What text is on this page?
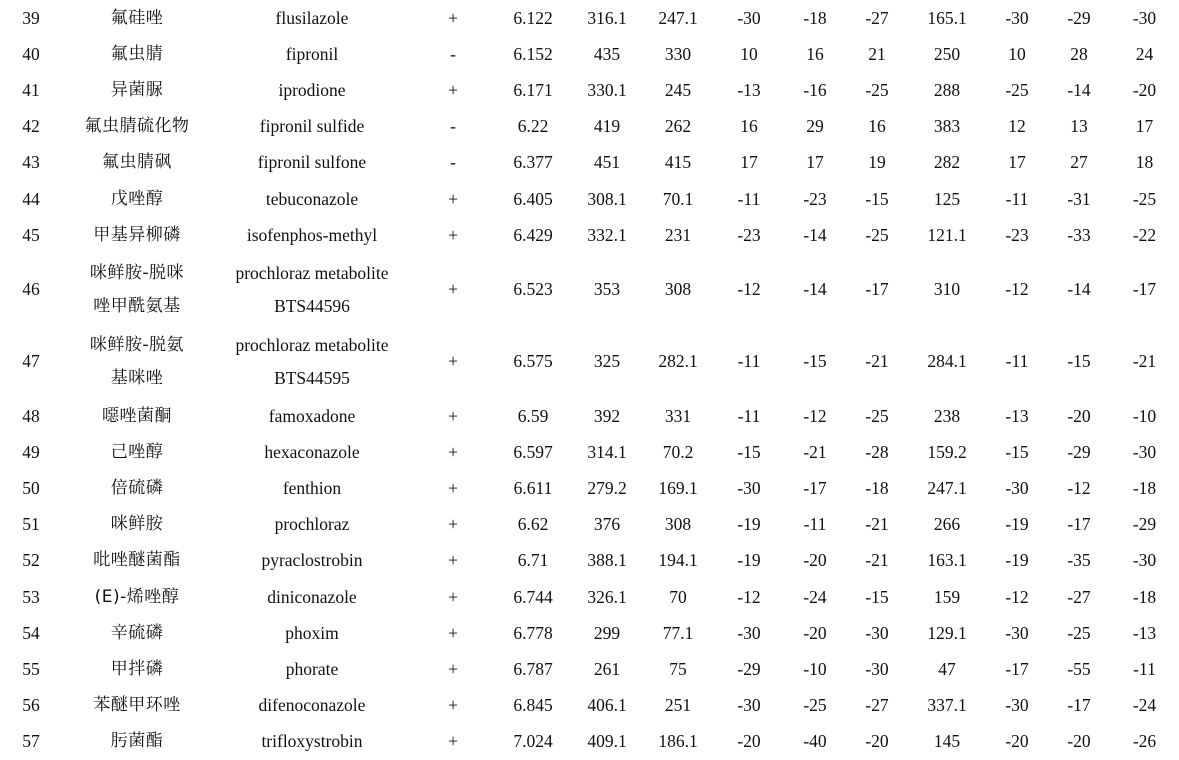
39	氟硅唑	flusilazole	+	6.122	316.1	247.1	-30	-18	-27	165.1	-30	-29	-30
40	氟虫腈	fipronil	-	6.152	435	330	10	16	21	250	10	28	24
41	异菌脲	iprodione	+	6.171	330.1	245	-13	-16	-25	288	-25	-14	-20
42	氟虫腈硫化物	fipronil sulfide	-	6.22	419	262	16	29	16	383	12	13	17
43	氟虫腈砜	fipronil sulfone	-	6.377	451	415	17	17	19	282	17	27	18
44	戊唑醇	tebuconazole	+	6.405	308.1	70.1	-11	-23	-15	125	-11	-31	-25
45	甲基异柳磷	isofenphos-methyl	+	6.429	332.1	231	-23	-14	-25	121.1	-23	-33	-22
46	咪鲜胺-脱咪
唑甲酰氨基	prochloraz metabolite
BTS44596	+	6.523	353	308	-12	-14	-17	310	-12	-14	-17
47	咪鲜胺-脱氨
基咪唑	prochloraz metabolite
BTS44595	+	6.575	325	282.1	-11	-15	-21	284.1	-11	-15	-21
48	噁唑菌酮	famoxadone	+	6.59	392	331	-11	-12	-25	238	-13	-20	-10
49	己唑醇	hexaconazole	+	6.597	314.1	70.2	-15	-21	-28	159.2	-15	-29	-30
50	倍硫磷	fenthion	+	6.611	279.2	169.1	-30	-17	-18	247.1	-30	-12	-18
51	咪鲜胺	prochloraz	+	6.62	376	308	-19	-11	-21	266	-19	-17	-29
52	吡唑醚菌酯	pyraclostrobin	+	6.71	388.1	194.1	-19	-20	-21	163.1	-19	-35	-30
53	(E)-烯唑醇	diniconazole	+	6.744	326.1	70	-12	-24	-15	159	-12	-27	-18
54	辛硫磷	phoxim	+	6.778	299	77.1	-30	-20	-30	129.1	-30	-25	-13
55	甲拌磷	phorate	+	6.787	261	75	-29	-10	-30	47	-17	-55	-11
56	苯醚甲环唑	difenoconazole	+	6.845	406.1	251	-30	-25	-27	337.1	-30	-17	-24
57	肟菌酯	trifloxystrobin	+	7.024	409.1	186.1	-20	-40	-20	145	-20	-20	-26
